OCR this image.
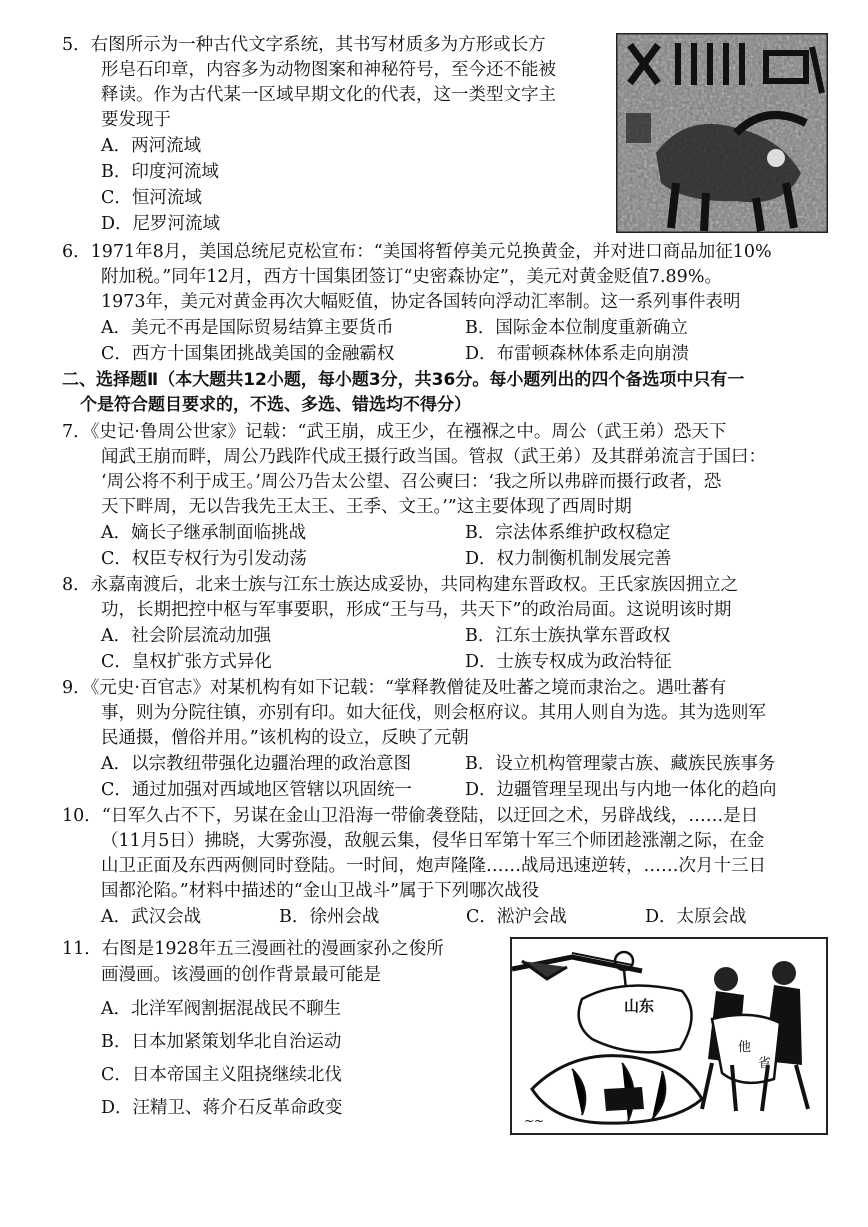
5．右图所示为一种古代文字系统，其书写材质多为方形或长方
形皂石印章，内容多为动物图案和神秘符号，至今还不能被
释读。作为古代某一区域早期文化的代表，这一类型文字主
要发现于
A．两河流域
B．印度河流域
C．恒河流域
D．尼罗河流域
6．1971年8月，美国总统尼克松宣布：“美国将暂停美元兑换黄金，并对进口商品加征10%
附加税。”同年12月，西方十国集团签订“史密森协定”，美元对黄金贬值7.89%。
1973年，美元对黄金再次大幅贬值，协定各国转向浮动汇率制。这一系列事件表明
A．美元不再是国际贸易结算主要货币	B．国际金本位制度重新确立
C．西方十国集团挑战美国的金融霸权	D．布雷顿森林体系走向崩溃
二、选择题Ⅱ（本大题共12小题，每小题3分，共36分。每小题列出的四个备选项中只有一
个是符合题目要求的，不选、多选、错选均不得分）
7．《史记·鲁周公世家》记载：“武王崩，成王少，在襁褓之中。周公（武王弟）恐天下
闻武王崩而畔，周公乃践阼代成王摄行政当国。管叔（武王弟）及其群弟流言于国曰：
‘周公将不利于成王。’周公乃告太公望、召公奭曰：‘我之所以弗辟而摄行政者，恐
天下畔周，无以告我先王太王、王季、文王。’”这主要体现了西周时期
A．嫡长子继承制面临挑战	B．宗法体系维护政权稳定
C．权臣专权行为引发动荡	D．权力制衡机制发展完善
8．永嘉南渡后，北来士族与江东士族达成妥协，共同构建东晋政权。王氏家族因拥立之
功，长期把控中枢与军事要职，形成“王与马，共天下”的政治局面。这说明该时期
A．社会阶层流动加强	B．江东士族执掌东晋政权
C．皇权扩张方式异化	D．士族专权成为政治特征
9．《元史·百官志》对某机构有如下记载：“掌释教僧徒及吐蕃之境而隶治之。遇吐蕃有
事，则为分院往镇，亦别有印。如大征伐，则会枢府议。其用人则自为选。其为选则军
民通摄，僧俗并用。”该机构的设立，反映了元朝
A．以宗教纽带强化边疆治理的政治意图	B．设立机构管理蒙古族、藏族民族事务
C．通过加强对西域地区管辖以巩固统一	D．边疆管理呈现出与内地一体化的趋向
10．“日军久占不下，另谋在金山卫沿海一带偷袭登陆，以迂回之术，另辟战线，……是日
（11月5日）拂晓，大雾弥漫，敌舰云集，侵华日军第十军三个师团趁涨潮之际，在金
山卫正面及东西两侧同时登陆。一时间，炮声隆隆……战局迅速逆转，……次月十三日
国都沦陷。”材料中描述的“金山卫战斗”属于下列哪次战役
A．武汉会战	B．徐州会战	C．淞沪会战	D．太原会战
11．右图是1928年五三漫画社的漫画家孙之俊所
画漫画。该漫画的创作背景最可能是
A．北洋军阀割据混战民不聊生
B．日本加紧策划华北自治运动
C．日本帝国主义阻挠继续北伐
D．汪精卫、蒋介石反革命政变
山东
他
省
~~
